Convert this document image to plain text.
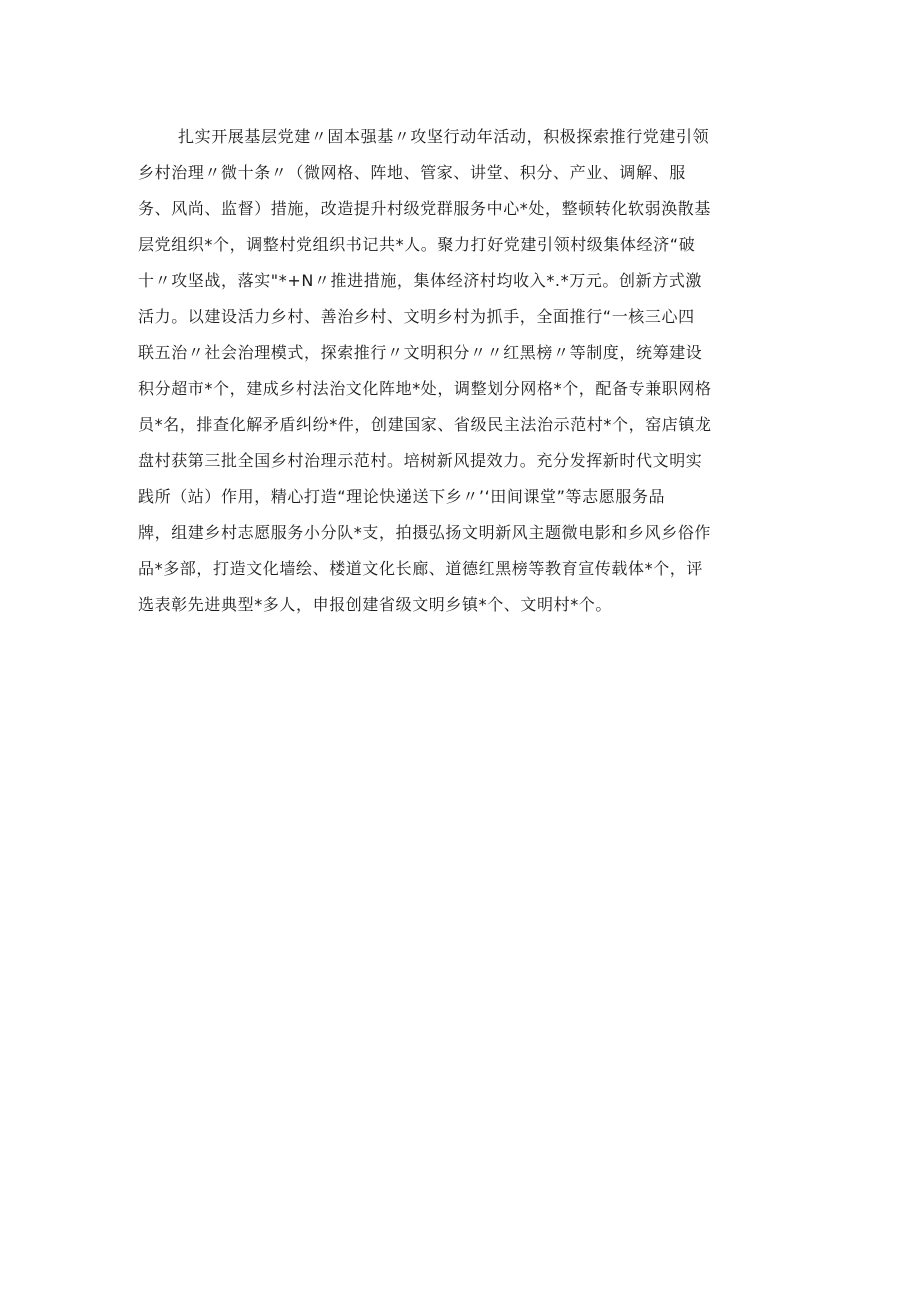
扎实开展基层党建〃固本强基〃攻坚行动年活动，积极探索推行党建引领
乡村治理〃微十条〃（微网格、阵地、管家、讲堂、积分、产业、调解、服
务、风尚、监督）措施，改造提升村级党群服务中心*处，整顿转化软弱涣散基
层党组织*个，调整村党组织书记共*人。聚力打好党建引领村级集体经济“破
十〃攻坚战，落实"*+N〃推进措施，集体经济村均收入*.*万元。创新方式激
活力。以建设活力乡村、善治乡村、文明乡村为抓手，全面推行“一核三心四
联五治〃社会治理模式，探索推行〃文明积分〃〃红黑榜〃等制度，统筹建设
积分超市*个，建成乡村法治文化阵地*处，调整划分网格*个，配备专兼职网格
员*名，排查化解矛盾纠纷*件，创建国家、省级民主法治示范村*个，窑店镇龙
盘村获第三批全国乡村治理示范村。培树新风提效力。充分发挥新时代文明实
践所（站）作用，精心打造“理论快递送下乡〃’‘田间课堂”等志愿服务品
牌，组建乡村志愿服务小分队*支，拍摄弘扬文明新风主题微电影和乡风乡俗作
品*多部，打造文化墙绘、楼道文化长廊、道德红黑榜等教育宣传载体*个，评
选表彰先进典型*多人，申报创建省级文明乡镇*个、文明村*个。
